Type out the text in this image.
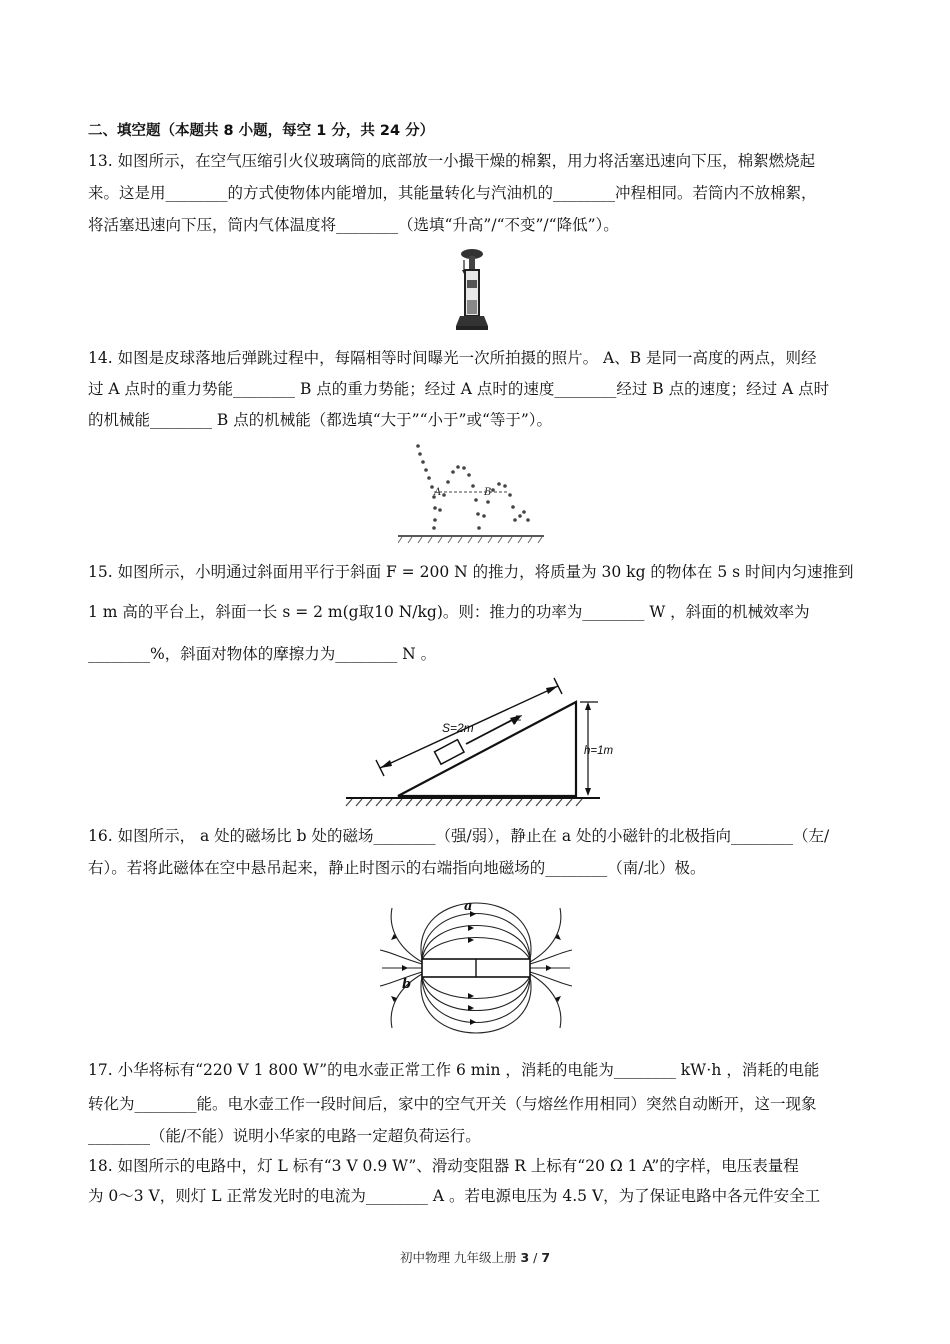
二、填空题（本题共 8 小题，每空 1 分，共 24 分）
13. 如图所示，在空气压缩引火仪玻璃筒的底部放一小撮干燥的棉絮，用力将活塞迅速向下压，棉絮燃烧起
来。这是用________的方式使物体内能增加，其能量转化与汽油机的________冲程相同。若筒内不放棉絮，
将活塞迅速向下压，筒内气体温度将________（选填“升高”/“不变”/“降低”）。
14. 如图是皮球落地后弹跳过程中，每隔相等时间曝光一次所拍摄的照片。 A、B 是同一高度的两点，则经
过 A 点时的重力势能________ B 点的重力势能；经过 A 点时的速度________经过 B 点的速度；经过 A 点时
的机械能________ B 点的机械能（都选填“大于”“小于”或“等于”）。
A	B
15. 如图所示，小明通过斜面用平行于斜面 F = 200 N 的推力，将质量为 30 kg 的物体在 5 s 时间内匀速推到
1 m 高的平台上，斜面一长 s = 2 m(g取10 N/kg)。则：推力的功率为________ W ，斜面的机械效率为
________%，斜面对物体的摩擦力为________ N 。
S=2m
F
h=1m
16. 如图所示， a 处的磁场比 b 处的磁场________（强/弱），静止在 a 处的小磁针的北极指向________（左/
右）。若将此磁体在空中悬吊起来，静止时图示的右端指向地磁场的________（南/北）极。
a
b
17. 小华将标有“220 V 1 800 W”的电水壶正常工作 6 min ，消耗的电能为________ kW⋅h ，消耗的电能
转化为________能。电水壶工作一段时间后，家中的空气开关（与熔丝作用相同）突然自动断开，这一现象
________（能/不能）说明小华家的电路一定超负荷运行。
18. 如图所示的电路中，灯 L 标有“3 V 0.9 W”、滑动变阻器 R 上标有“20 Ω 1 A”的字样，电压表量程
为 0～3 V，则灯 L 正常发光时的电流为________ A 。若电源电压为 4.5 V，为了保证电路中各元件安全工
初中物理 九年级上册 3 / 7
